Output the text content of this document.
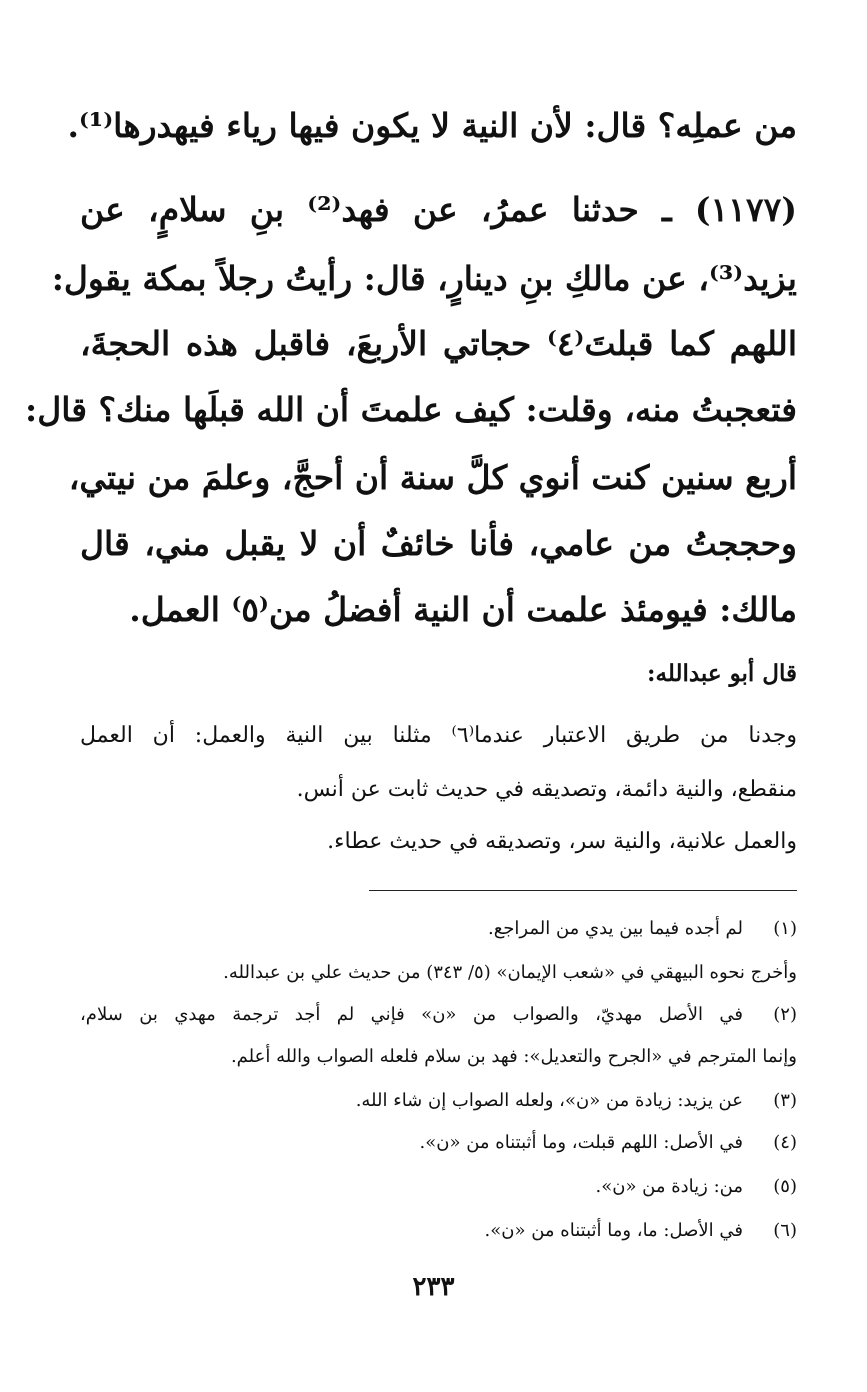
من عملِه؟ قال: لأن النية لا يكون فيها رياء فيهدرها⁽¹⁾.
(١١٧٧) ـ حدثنا عمرُ، عن فهد⁽²⁾ بنِ سلامٍ، عن
يزيد⁽³⁾، عن مالكِ بنِ دينارٍ، قال: رأيتُ رجلاً بمكة يقول:
اللهم كما قبلتَ⁽٤⁾ حجاتي الأربعَ، فاقبل هذه الحجةَ،
فتعجبتُ منه، وقلت: كيف علمتَ أن الله قبلَها منك؟ قال:
أربع سنين كنت أنوي كلَّ سنة أن أحجَّ، وعلمَ من نيتي،
وحججتُ من عامي، فأنا خائفٌ أن لا يقبل مني، قال
مالك: فيومئذ علمت أن النية أفضلُ من⁽٥⁾ العمل.
قال أبو عبدالله:
وجدنا من طريق الاعتبار عندما⁽٦⁾ مثلنا بين النية والعمل: أن العمل
منقطع، والنية دائمة، وتصديقه في حديث ثابت عن أنس.
والعمل علانية، والنية سر، وتصديقه في حديث عطاء.
(١)لم أجده فيما بين يدي من المراجع.
وأخرج نحوه البيهقي في «شعب الإيمان» (٥/ ٣٤٣) من حديث علي بن عبدالله.
(٢)في الأصل مهديّ، والصواب من «ن» فإني لم أجد ترجمة مهدي بن سلام،
وإنما المترجم في «الجرح والتعديل»: فهد بن سلام فلعله الصواب والله أعلم.
(٣)عن يزيد: زيادة من «ن»، ولعله الصواب إن شاء الله.
(٤)في الأصل: اللهم قبلت، وما أثبتناه من «ن».
(٥)من: زيادة من «ن».
(٦)في الأصل: ما، وما أثبتناه من «ن».
٢٣٣
